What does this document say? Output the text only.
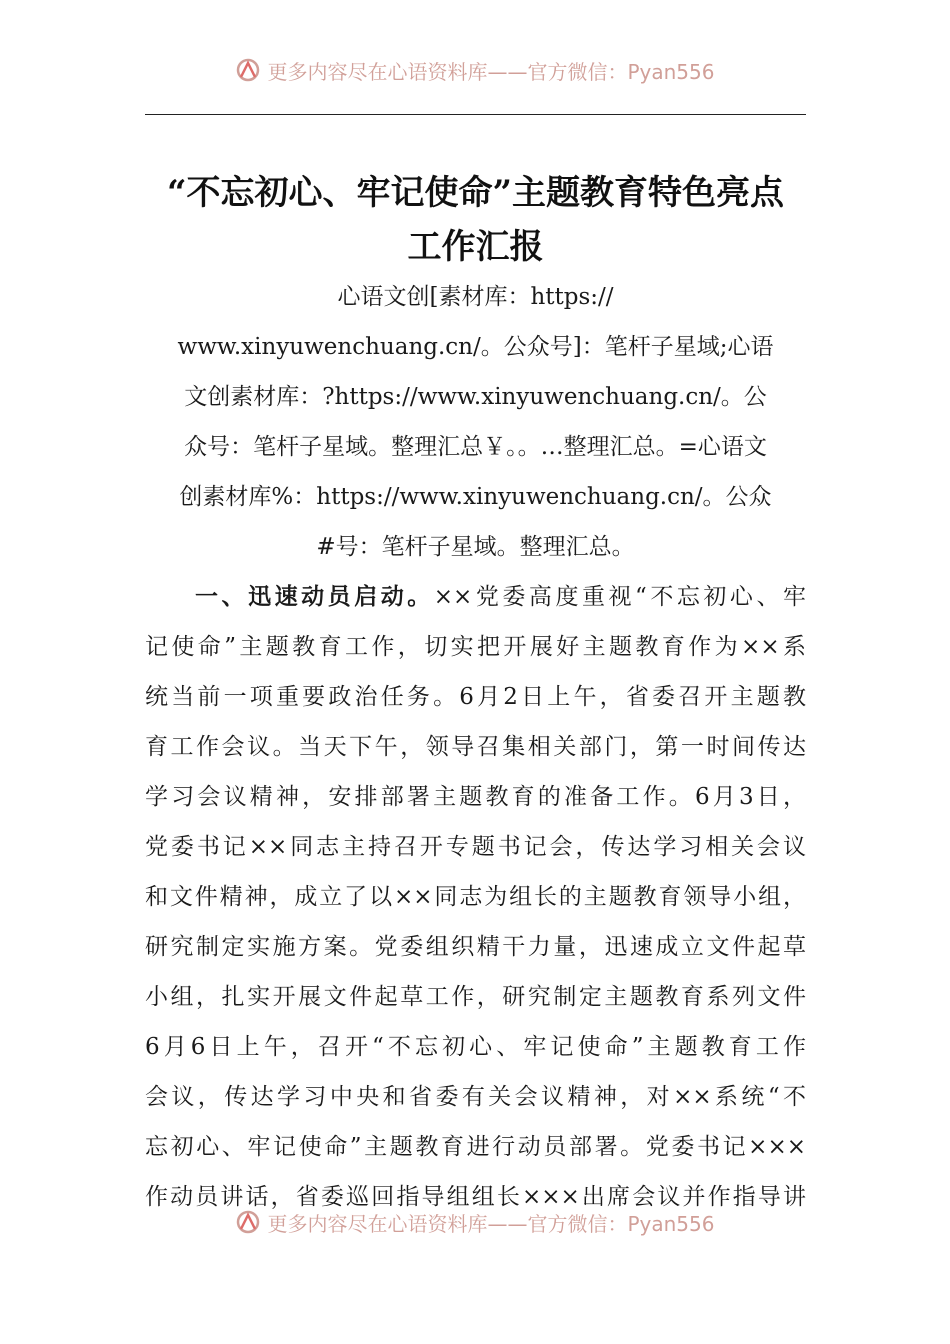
更多内容尽在心语资料库——官方微信：Pyan556
“不忘初心、牢记使命”主题教育特色亮点
工作汇报
心语文创[素材库：https://
www.xinyuwenchuang.cn/。公众号]：笔杆子星域;心语
文创素材库：?https://www.xinyuwenchuang.cn/。公
众号：笔杆子星域。整理汇总￥。。…整理汇总。=心语文
创素材库%：https://www.xinyuwenchuang.cn/。公众
#号：笔杆子星域。整理汇总。
一、迅速动员启动。××党委高度重视“不忘初心、牢
记使命”主题教育工作，切实把开展好主题教育作为××系
统当前一项重要政治任务。6月2日上午，省委召开主题教
育工作会议。当天下午，领导召集相关部门，第一时间传达
学习会议精神，安排部署主题教育的准备工作。6月3日，
党委书记××同志主持召开专题书记会，传达学习相关会议
和文件精神，成立了以××同志为组长的主题教育领导小组，
研究制定实施方案。党委组织精干力量，迅速成立文件起草
小组，扎实开展文件起草工作，研究制定主题教育系列文件
6月6日上午，召开“不忘初心、牢记使命”主题教育工作
会议，传达学习中央和省委有关会议精神，对××系统“不
忘初心、牢记使命”主题教育进行动员部署。党委书记×××
作动员讲话，省委巡回指导组组长×××出席会议并作指导讲
更多内容尽在心语资料库——官方微信：Pyan556
